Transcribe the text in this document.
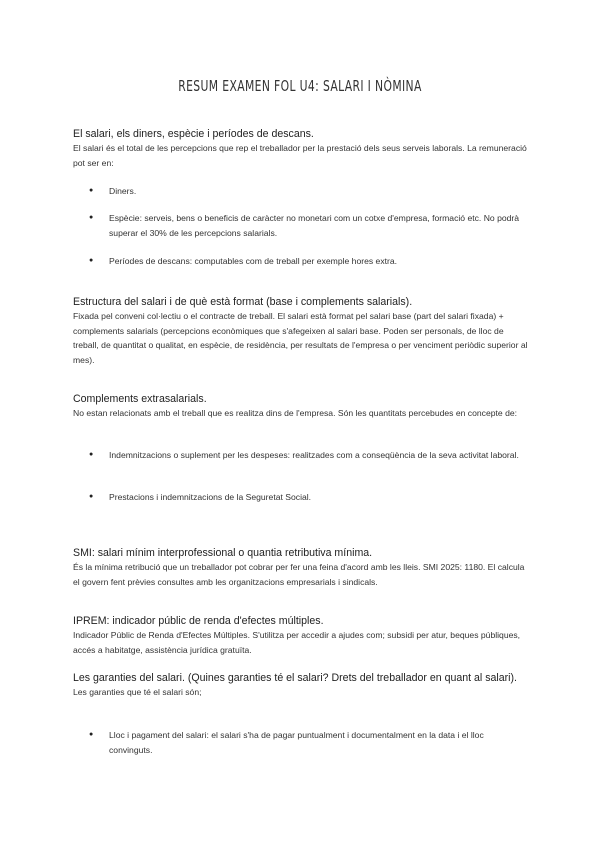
RESUM EXAMEN FOL U4: SALARI I NÒMINA
El salari, els diners, espècie i períodes de descans.
El salari és el total de les percepcions que rep el treballador per la prestació dels seus serveis laborals. La remuneració pot ser en:
● Diners.
● Espècie: serveis, bens o beneficis de caràcter no monetari com un cotxe d'empresa, formació etc. No podrà superar el 30% de les percepcions salarials.
● Períodes de descans: computables com de treball per exemple hores extra.
Estructura del salari i de què està format (base i complements salarials).
Fixada pel conveni col·lectiu o el contracte de treball. El salari està format pel salari base (part del salari fixada) + complements salarials (percepcions econòmiques que s'afegeixen al salari base. Poden ser personals, de lloc de treball, de quantitat o qualitat, en espècie, de residència, per resultats de l'empresa o per venciment periòdic superior al mes).
Complements extrasalarials.
No estan relacionats amb el treball que es realitza dins de l'empresa. Són les quantitats percebudes en concepte de:
● Indemnitzacions o suplement per les despeses: realitzades com a conseqüència de la seva activitat laboral.
● Prestacions i indemnitzacions de la Seguretat Social.
SMI: salari mínim interprofessional o quantia retributiva mínima.
És la mínima retribució que un treballador pot cobrar per fer una feina d'acord amb les lleis. SMI 2025: 1180. El calcula el govern fent prèvies consultes amb les organitzacions empresarials i sindicals.
IPREM: indicador públic de renda d'efectes múltiples.
Indicador Públic de Renda d'Efectes Múltiples. S'utilitza per accedir a ajudes com; subsidi per atur, beques públiques, accés a habitatge, assistència jurídica gratuïta.
Les garanties del salari. (Quines garanties té el salari? Drets del treballador en quant al salari).
Les garanties que té el salari són;
● Lloc i pagament del salari: el salari s'ha de pagar puntualment i documentalment en la data i el lloc convinguts.
